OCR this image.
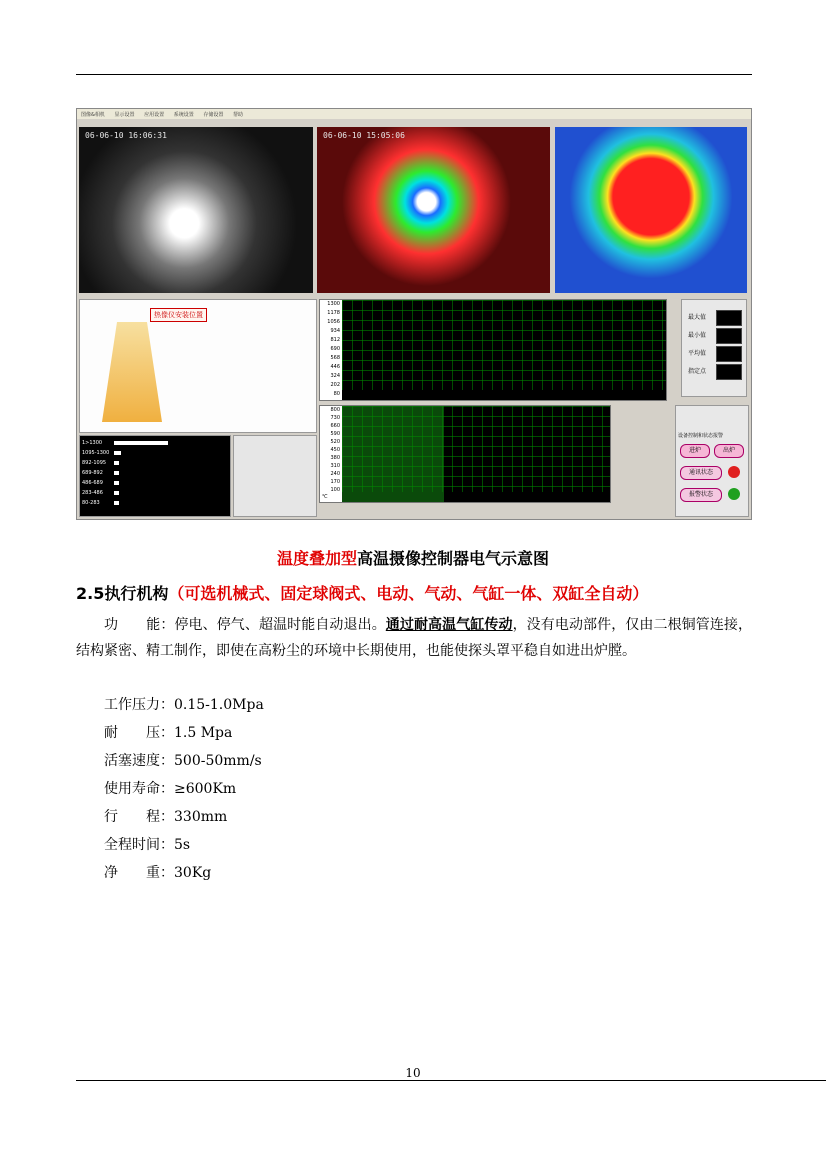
图像&相机 显示设置 应用设置 系统设置 存储设置 帮助
06-06-10 16:06:31	06-06-10 15:05:06
热像仪安装位置
1>1300
1095-1300
892-1095
689-892
486-689
283-486
80-283
1300
1178
1056
934
812
690
568
446
324
202
80
800
730
660
590
520
450
380
310
240
170
100
℃
最大值
最小值
平均值
指定点
设备控制和状态报警
进炉	出炉
通讯状态
报警状态
温度叠加型高温摄像控制器电气示意图
2.5执行机构（可选机械式、固定球阀式、电动、气动、气缸一体、双缸全自动）
功　　能：停电、停气、超温时能自动退出。通过耐高温气缸传动，没有电动部件，仅由二根铜管连接，结构紧密、精工制作，即使在高粉尘的环境中长期使用，也能使探头罩平稳自如进出炉膛。
工作压力：0.15-1.0Mpa
耐　　压：1.5 Mpa
活塞速度：500-50mm/s
使用寿命：≥600Km
行　　程：330mm
全程时间：5s
净　　重：30Kg
10
